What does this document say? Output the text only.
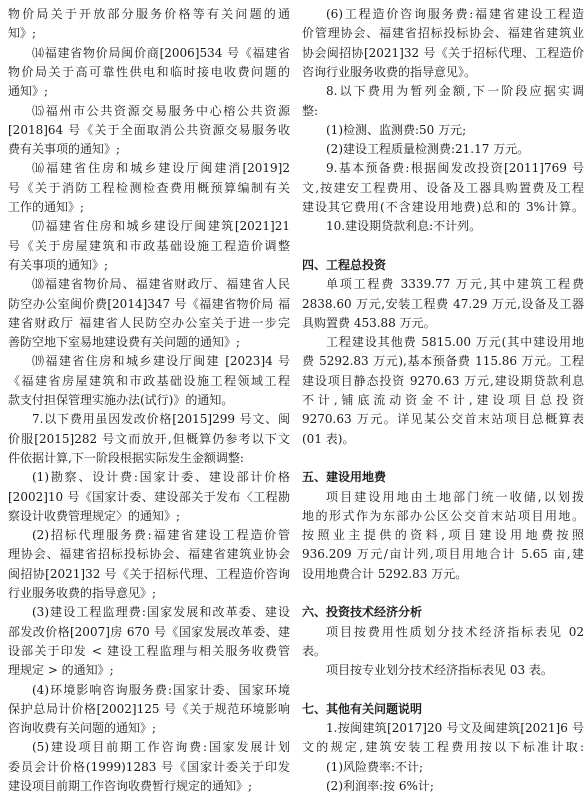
物价局关于开放部分服务价格等有关问题的通
知》;
⒁福建省物价局闽价商[2006]534 号《福建省
物价局关于高可靠性供电和临时接电收费问题的
通知》;
⒂福州市公共资源交易服务中心榕公共资源
[2018]64 号《关于全面取消公共资源交易服务收
费有关事项的通知》;
⒃福建省住房和城乡建设厅闽建消[2019]2
号《关于消防工程检测检查费用概预算编制有关
工作的通知》;
⒄福建省住房和城乡建设厅闽建筑[2021]21
号《关于房屋建筑和市政基础设施工程造价调整
有关事项的通知》;
⒅福建省物价局、福建省财政厅、福建省人民
防空办公室闽价费[2014]347 号《福建省物价局 福
建省财政厅 福建省人民防空办公室关于进一步完
善防空地下室易地建设费有关问题的通知》;
⒆福建省住房和城乡建设厅闽建 [2023]4 号
《福建省房屋建筑和市政基础设施工程领域工程
款支付担保管理实施办法(试行)》的通知。
7.以下费用虽因发改价格[2015]299 号文、闽
价服[2015]282 号文而放开,但概算仍参考以下文
件依据计算,下一阶段根据实际发生金额调整:
(1)勘察、设计费:国家计委、建设部计价格
[2002]10 号《国家计委、建设部关于发布〈工程勘
察设计收费管理规定〉的通知》;
(2)招标代理服务费:福建省建设工程造价管
理协会、福建省招标投标协会、福建省建筑业协会
闽招协[2021]32 号《关于招标代理、工程造价咨询
行业服务收费的指导意见》;
(3)建设工程监理费:国家发展和改革委、建设
部发改价格[2007]房 670 号《国家发展改革委、建
设部关于印发 < 建设工程监理与相关服务收费管
理规定 > 的通知》;
(4)环境影响咨询服务费:国家计委、国家环境
保护总局计价格[2002]125 号《关于规范环境影响
咨询收费有关问题的通知》;
(5)建设项目前期工作咨询费:国家发展计划
委员会计价格(1999)1283 号《国家计委关于印发
建设项目前期工作咨询收费暂行规定的通知》;
(6)工程造价咨询服务费:福建省建设工程造
价管理协会、福建省招标投标协会、福建省建筑业
协会闽招协[2021]32 号《关于招标代理、工程造价
咨询行业服务收费的指导意见》。
8.以下费用为暂列金额,下一阶段应据实调
整:
(1)检测、监测费:50 万元;
(2)建设工程质量检测费:21.17 万元。
9.基本预备费:根据闽发改投资[2011]769 号
文,按建安工程费用、设备及工器具购置费及工程
建设其它费用(不含建设用地费)总和的 3%计算。
10.建设期贷款利息:不计列。
四、工程总投资
单项工程费 3339.77 万元,其中建筑工程费
2838.60 万元,安装工程费 47.29 万元,设备及工器
具购置费 453.88 万元。
工程建设其他费 5815.00 万元(其中建设用地
费 5292.83 万元),基本预备费 115.86 万元。工程
建设项目静态投资 9270.63 万元,建设期贷款利息
不计,铺底流动资金不计,建设项目总投资
9270.63 万元。详见某公交首末站项目总概算表
(01 表)。
五、建设用地费
项目建设用地由土地部门统一收储,以划拨
地的形式作为东部办公区公交首末站项目用地。
按照业主提供的资料,项目建设用地费按照
936.209 万元/亩计列,项目用地合计 5.65 亩,建
设用地费合计 5292.83 万元。
六、投资技术经济分析
项目按费用性质划分技术经济指标表见 02
表。
项目按专业划分技术经济指标表见 03 表。
七、其他有关问题说明
1.按闽建筑[2017]20 号文及闽建筑[2021]6 号
文的规定,建筑安装工程费用按以下标准计取:
(1)风险费率:不计;
(2)利润率:按 6%计;
